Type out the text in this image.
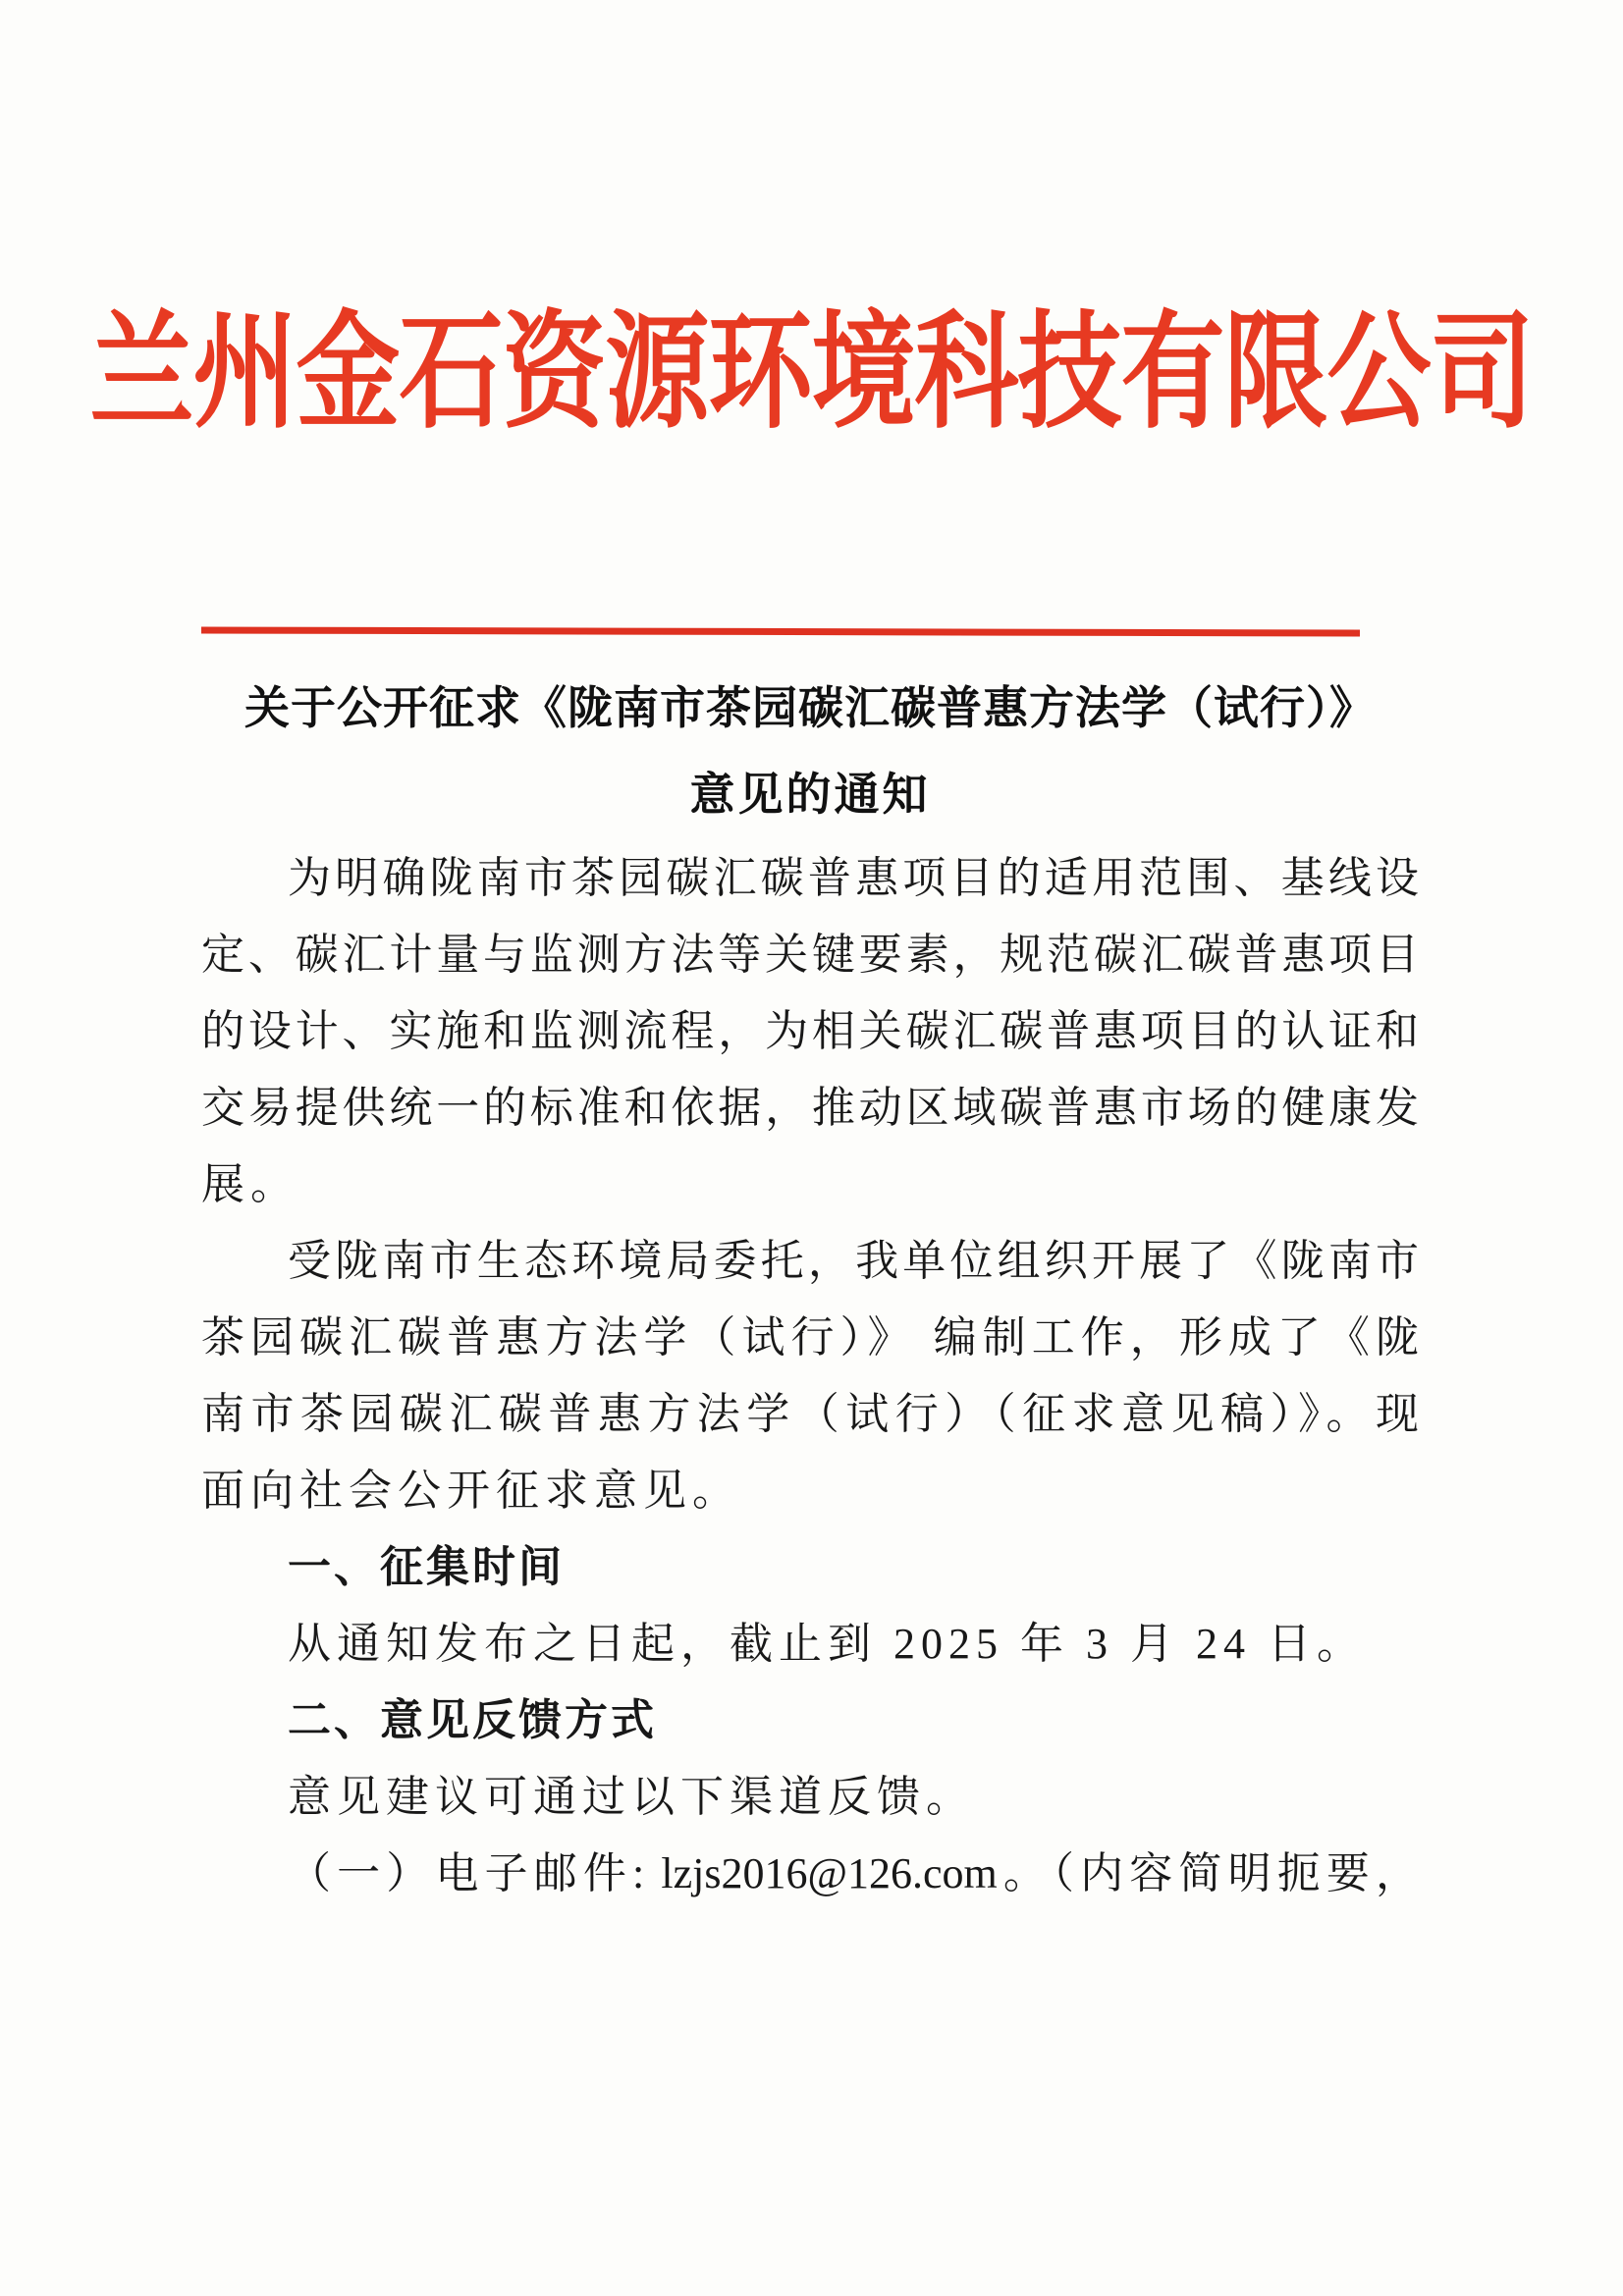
兰州金石资源环境科技有限公司
关于公开征求《陇南市茶园碳汇碳普惠方法学（试行）》
意见的通知
为明确陇南市茶园碳汇碳普惠项目的适用范围、基线设
定、碳汇计量与监测方法等关键要素，规范碳汇碳普惠项目
的设计、实施和监测流程，为相关碳汇碳普惠项目的认证和
交易提供统一的标准和依据，推动区域碳普惠市场的健康发
展。
受陇南市生态环境局委托，我单位组织开展了《陇南市
茶园碳汇碳普惠方法学（试行）》 编制工作，形成了《陇
南市茶园碳汇碳普惠方法学（试行）（征求意见稿）》。现
面向社会公开征求意见。
一、征集时间
从通知发布之日起，截止到 2025 年 3 月 24 日。
二、意见反馈方式
意见建议可通过以下渠道反馈。
（一）电子邮件: lzjs2016@126.com。（内容简明扼要，
